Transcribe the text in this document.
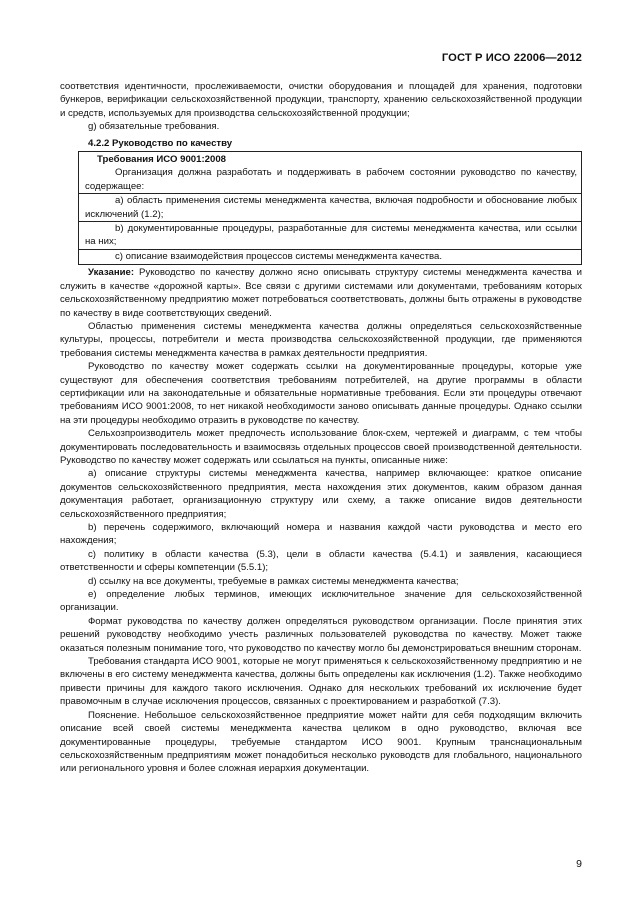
ГОСТ Р ИСО 22006—2012

соответствия идентичности, прослеживаемости, очистки оборудования и площадей для хранения, подготовки бункеров, верификации сельскохозяйственной продукции, транспорту, хранению сельскохозяйственной продукции и средств, используемых для производства сельскохозяйственной продукции;

g) обязательные требования.

4.2.2 Руководство по качеству

Требования ИСО 9001:2008

Организация должна разработать и поддерживать в рабочем состоянии руководство по качеству, содержащее:

а) область применения системы менеджмента качества, включая подробности и обоснование любых исключений (1.2);

b) документированные процедуры, разработанные для системы менеджмента качества, или ссылки на них;

с) описание взаимодействия процессов системы менеджмента качества.

Указание: Руководство по качеству должно ясно описывать структуру системы менеджмента качества и служить в качестве «дорожной карты». Все связи с другими системами или документами, требованиям которых сельскохозяйственному предприятию может потребоваться соответствовать, должны быть отражены в руководстве по качеству в виде соответствующих сведений.

Областью применения системы менеджмента качества должны определяться сельскохозяйственные культуры, процессы, потребители и места производства сельскохозяйственной продукции, где применяются требования системы менеджмента качества в рамках деятельности предприятия.

Руководство по качеству может содержать ссылки на документированные процедуры, которые уже существуют для обеспечения соответствия требованиям потребителей, на другие программы в области сертификации или на законодательные и обязательные нормативные требования. Если эти процедуры отвечают требованиям ИСО 9001:2008, то нет никакой необходимости заново описывать данные процедуры. Однако ссылки на эти процедуры необходимо отразить в руководстве по качеству.

Сельхозпроизводитель может предпочесть использование блок-схем, чертежей и диаграмм, с тем чтобы документировать последовательность и взаимосвязь отдельных процессов своей производственной деятельности. Руководство по качеству может содержать или ссылаться на пункты, описанные ниже:

а) описание структуры системы менеджмента качества, например включающее: краткое описание документов сельскохозяйственного предприятия, места нахождения этих документов, каким образом данная документация работает, организационную структуру или схему, а также описание видов деятельности сельскохозяйственного предприятия;

b) перечень содержимого, включающий номера и названия каждой части руководства и место его нахождения;

c) политику в области качества (5.3), цели в области качества (5.4.1) и заявления, касающиеся ответственности и сферы компетенции (5.5.1);

d) ссылку на все документы, требуемые в рамках системы менеджмента качества;

e) определение любых терминов, имеющих исключительное значение для сельскохозяйственной организации.

Формат руководства по качеству должен определяться руководством организации. После принятия этих решений руководству необходимо учесть различных пользователей руководства по качеству. Может также оказаться полезным понимание того, что руководство по качеству могло бы демонстрироваться внешним сторонам.

Требования стандарта ИСО 9001, которые не могут применяться к сельскохозяйственному предприятию и не включены в его систему менеджмента качества, должны быть определены как исключения (1.2). Также необходимо привести причины для каждого такого исключения. Однако для нескольких требований их исключение будет правомочным в случае исключения процессов, связанных с проектированием и разработкой (7.3).

Пояснение. Небольшое сельскохозяйственное предприятие может найти для себя подходящим включить описание всей своей системы менеджмента качества целиком в одно руководство, включая все документированные процедуры, требуемые стандартом ИСО 9001. Крупным транснациональным сельскохозяйственным предприятиям может понадобиться несколько руководств для глобального, национального или регионального уровня и более сложная иерархия документации.

9
